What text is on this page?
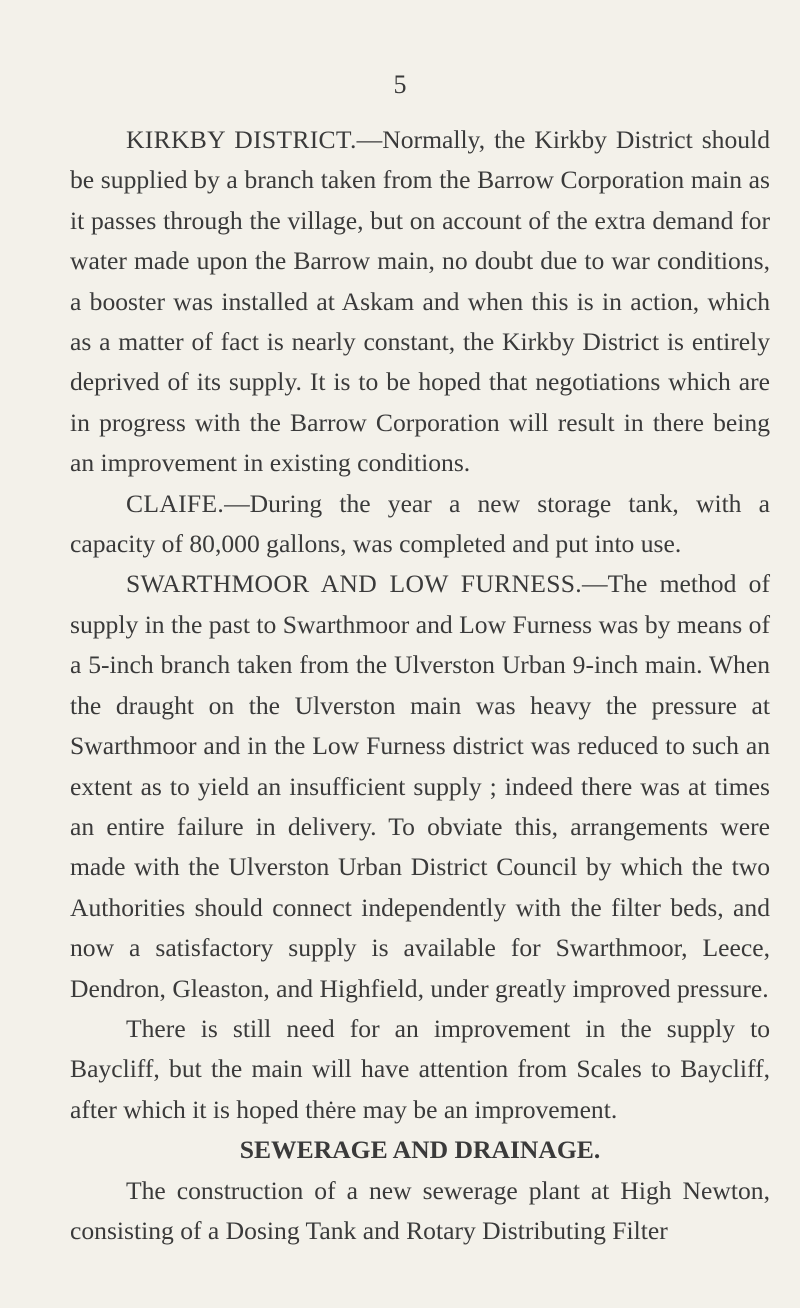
5

KIRKBY DISTRICT.—Normally, the Kirkby District should be supplied by a branch taken from the Barrow Corporation main as it passes through the village, but on account of the extra demand for water made upon the Barrow main, no doubt due to war conditions, a booster was installed at Askam and when this is in action, which as a matter of fact is nearly constant, the Kirkby District is entirely deprived of its supply. It is to be hoped that negotiations which are in progress with the Barrow Corporation will result in there being an improvement in existing conditions.

CLAIFE.—During the year a new storage tank, with a capacity of 80,000 gallons, was completed and put into use.

SWARTHMOOR AND LOW FURNESS.—The method of supply in the past to Swarthmoor and Low Furness was by means of a 5-inch branch taken from the Ulverston Urban 9-inch main. When the draught on the Ulverston main was heavy the pressure at Swarthmoor and in the Low Furness district was reduced to such an extent as to yield an insufficient supply ; indeed there was at times an entire failure in delivery. To obviate this, arrangements were made with the Ulverston Urban District Council by which the two Authorities should connect independently with the filter beds, and now a satisfactory supply is available for Swarthmoor, Leece, Dendron, Gleaston, and Highfield, under greatly improved pressure.

There is still need for an improvement in the supply to Baycliff, but the main will have attention from Scales to Baycliff, after which it is hoped thėre may be an improvement.

SEWERAGE AND DRAINAGE.

The construction of a new sewerage plant at High Newton, consisting of a Dosing Tank and Rotary Distributing Filter
